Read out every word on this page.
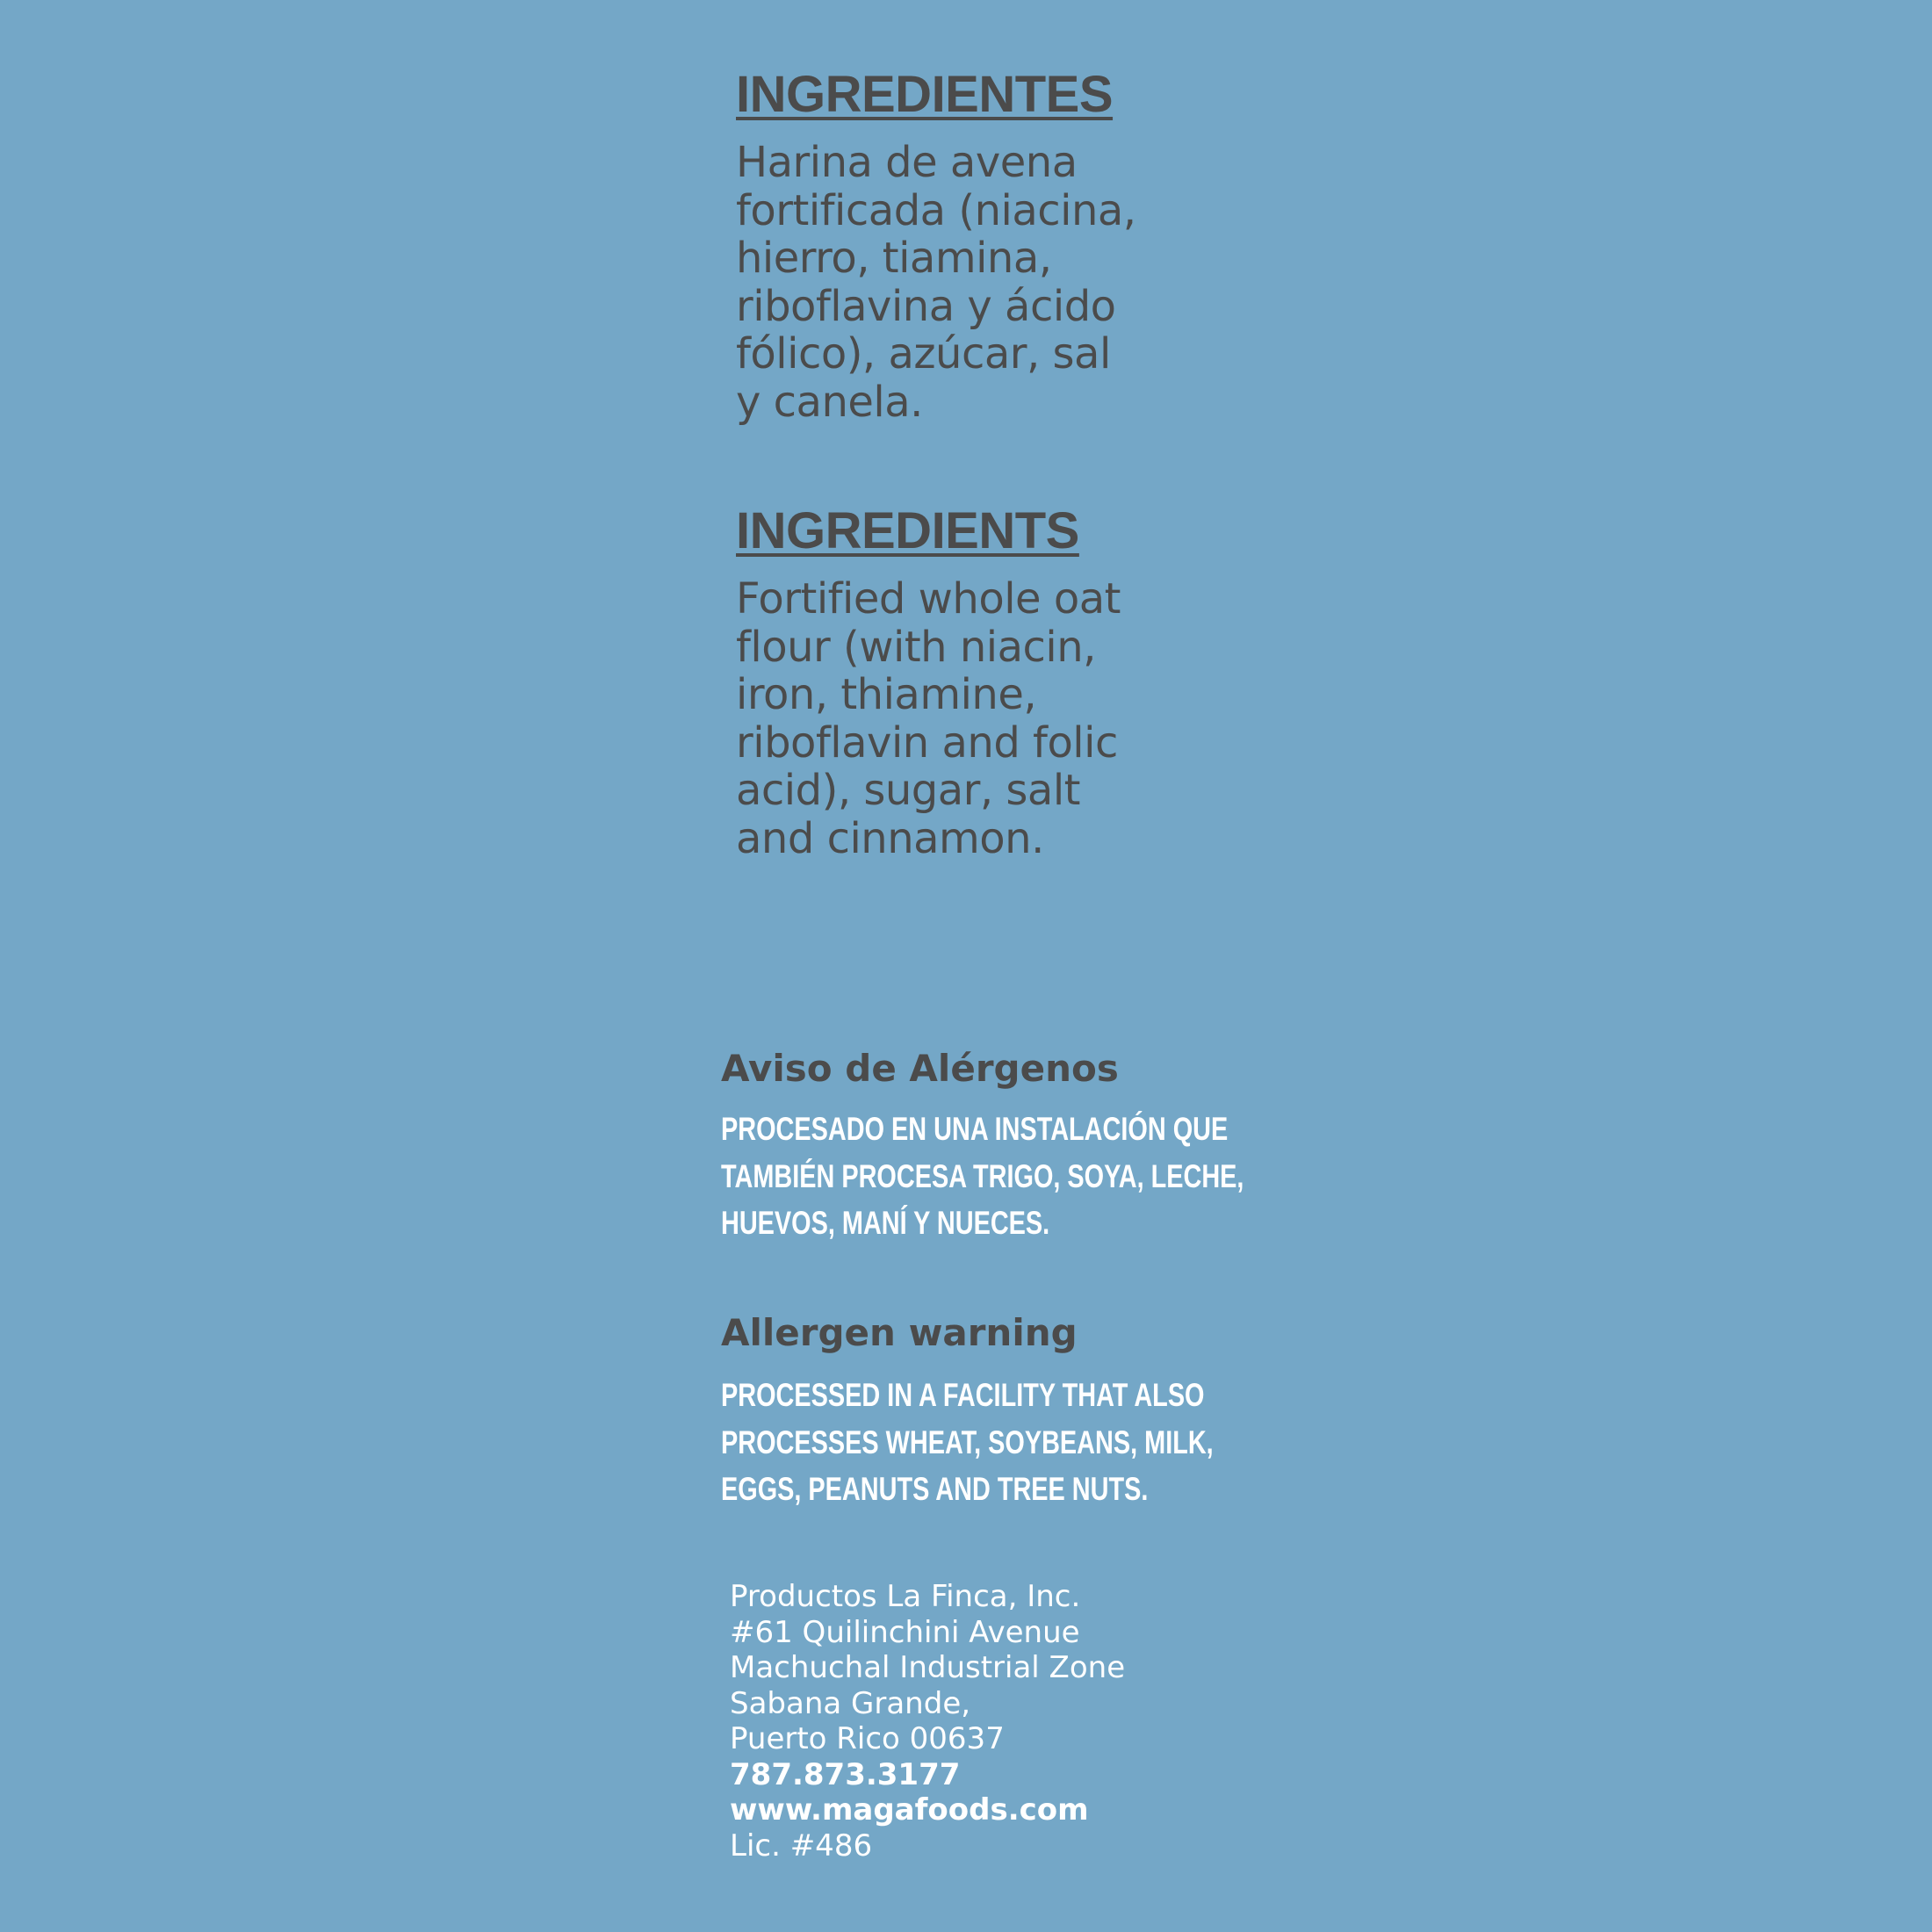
INGREDIENTES

Harina de avena
fortificada (niacina,
hierro, tiamina,
riboflavina y ácido
fólico), azúcar, sal
y canela.

INGREDIENTS

Fortified whole oat
flour (with niacin,
iron, thiamine,
riboflavin and folic
acid), sugar, salt
and cinnamon.

Aviso de Alérgenos

PROCESADO EN UNA INSTALACIÓN QUE
TAMBIÉN PROCESA TRIGO, SOYA, LECHE,
HUEVOS, MANÍ Y NUECES.

Allergen warning

PROCESSED IN A FACILITY THAT ALSO
PROCESSES WHEAT, SOYBEANS, MILK,
EGGS, PEANUTS AND TREE NUTS.

Productos La Finca, Inc.
#61 Quilinchini Avenue
Machuchal Industrial Zone
Sabana Grande,
Puerto Rico 00637
787.873.3177
www.magafoods.com
Lic. #486
